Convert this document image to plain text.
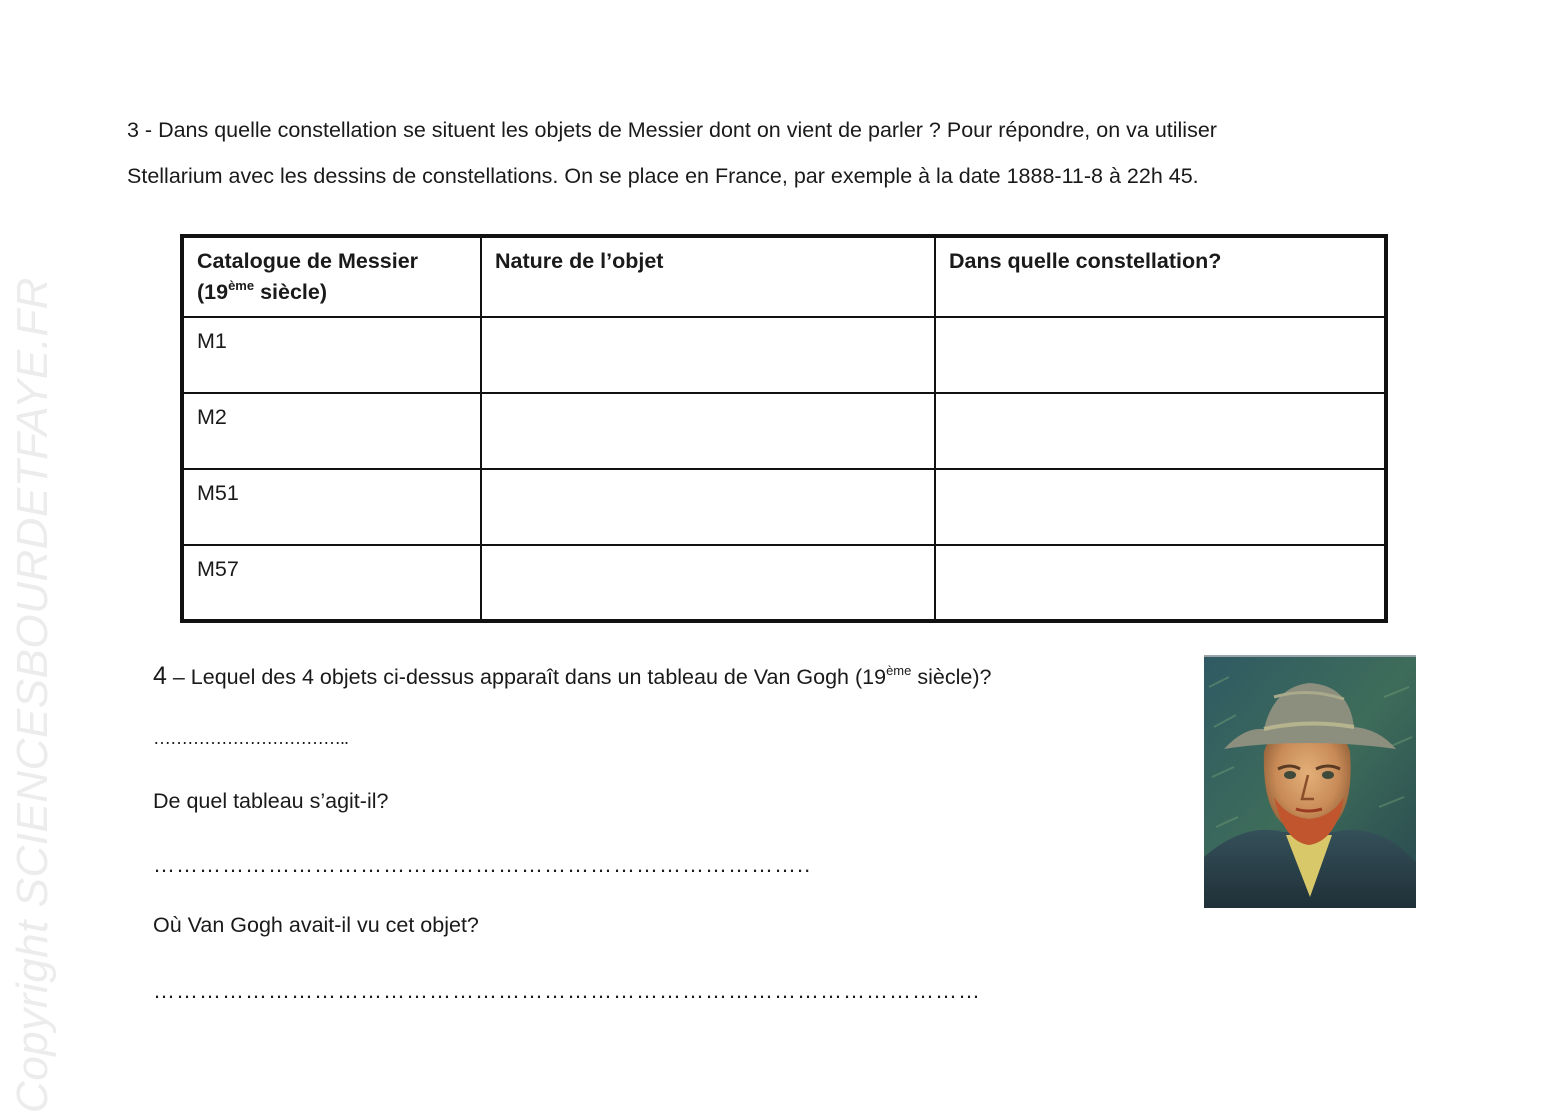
Copyright SCIENCESBOURDETFAYE.FR
3 - Dans quelle constellation se situent les objets de Messier dont on vient de parler ? Pour répondre, on va utiliser
Stellarium avec les dessins de constellations. On se place en France, par exemple à la date 1888-11-8 à 22h 45.
Catalogue de Messier
(19ème siècle)	Nature de l’objet	Dans quelle constellation?
M1		
M2		
M51		
M57		
4 – Lequel des 4 objets ci-dessus apparaît dans un tableau de Van Gogh (19ème siècle)?
……………………………..
De quel tableau s’agit-il?
…………………………………………………………………………..
Où Van Gogh avait-il vu cet objet?
………………………………………………………………………………………………
